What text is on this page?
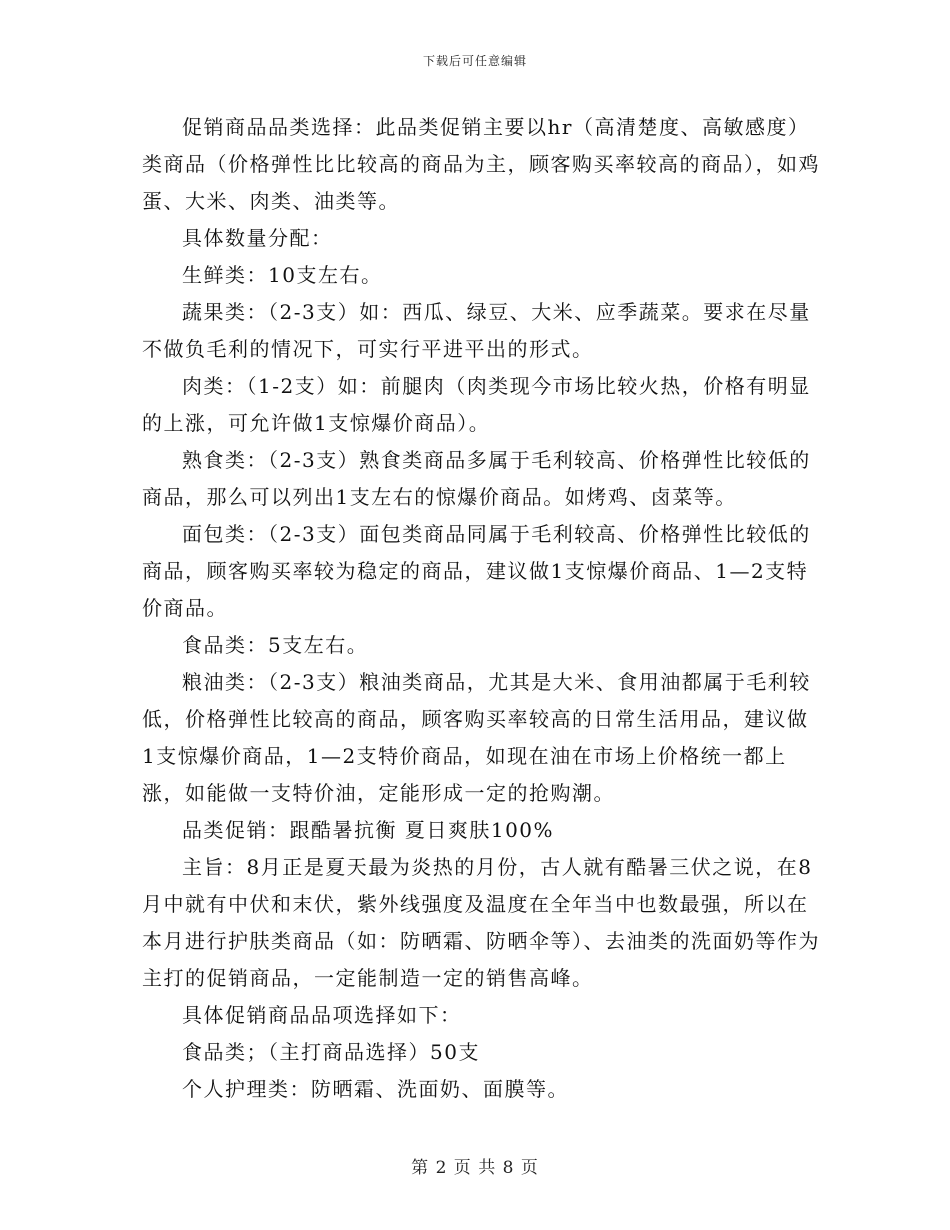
下载后可任意编辑

促销商品品类选择：此品类促销主要以hr（高清楚度、高敏感度）类商品（价格弹性比比较高的商品为主，顾客购买率较高的商品），如鸡蛋、大米、肉类、油类等。

具体数量分配：

生鲜类：10支左右。

蔬果类：（2-3支）如：西瓜、绿豆、大米、应季蔬菜。要求在尽量不做负毛利的情况下，可实行平进平出的形式。

肉类：（1-2支）如：前腿肉（肉类现今市场比较火热，价格有明显的上涨，可允许做1支惊爆价商品）。

熟食类：（2-3支）熟食类商品多属于毛利较高、价格弹性比较低的商品，那么可以列出1支左右的惊爆价商品。如烤鸡、卤菜等。

面包类：（2-3支）面包类商品同属于毛利较高、价格弹性比较低的商品，顾客购买率较为稳定的商品，建议做1支惊爆价商品、1—2支特价商品。

食品类：5支左右。

粮油类：（2-3支）粮油类商品，尤其是大米、食用油都属于毛利较低，价格弹性比较高的商品，顾客购买率较高的日常生活用品，建议做1支惊爆价商品，1—2支特价商品，如现在油在市场上价格统一都上涨，如能做一支特价油，定能形成一定的抢购潮。

品类促销：跟酷暑抗衡 夏日爽肤100%

主旨：8月正是夏天最为炎热的月份，古人就有酷暑三伏之说，在8月中就有中伏和末伏，紫外线强度及温度在全年当中也数最强，所以在本月进行护肤类商品（如：防晒霜、防晒伞等）、去油类的洗面奶等作为主打的促销商品，一定能制造一定的销售高峰。

具体促销商品品项选择如下：

食品类；（主打商品选择）50支

个人护理类：防晒霜、洗面奶、面膜等。

第 2 页 共 8 页
